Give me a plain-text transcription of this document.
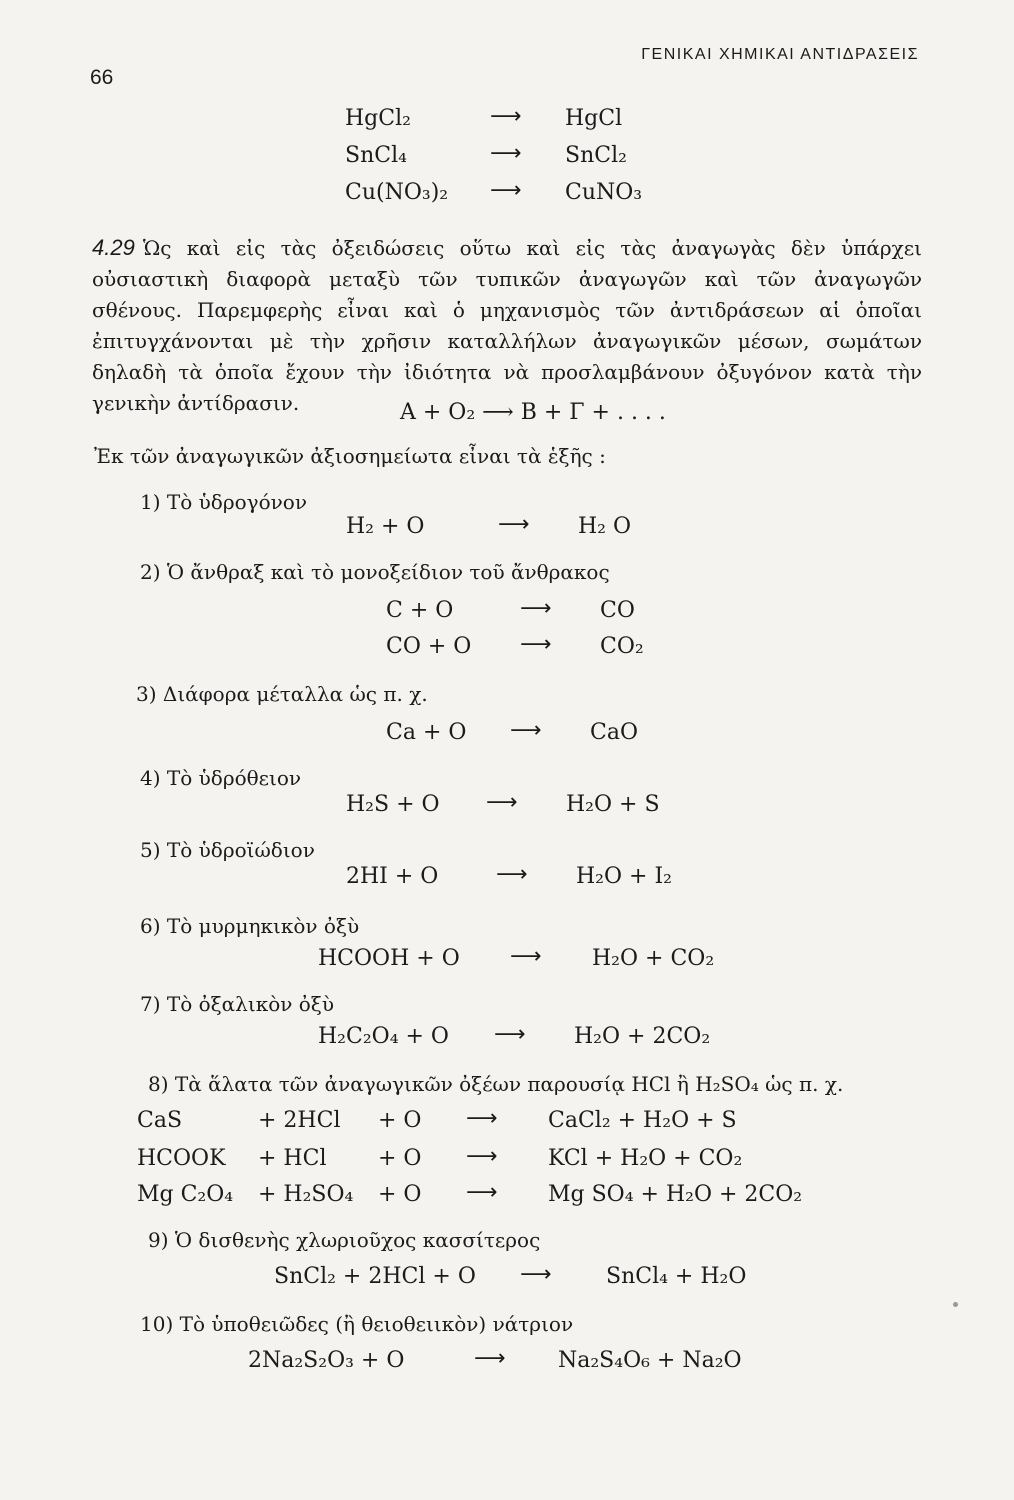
66
ΓΕΝΙΚΑΙ ΧΗΜΙΚΑΙ ΑΝΤΙΔΡΑΣΕΙΣ
HgCl₂	⟶ HgCl
SnCl₄	⟶ SnCl₂
Cu(NO₃)₂ ⟶ CuNO₃
4.29 Ὡς καὶ εἰς τὰς ὀξειδώσεις οὕτω καὶ εἰς τὰς ἀναγωγὰς δὲν ὑπάρχει οὐσιαστικὴ διαφορὰ μεταξὺ τῶν τυπικῶν ἀναγωγῶν καὶ τῶν ἀναγωγῶν σθένους. Παρεμφερὴς εἶναι καὶ ὁ μηχανισμὸς τῶν ἀντιδράσεων αἱ ὁποῖαι ἐπιτυγχάνονται μὲ τὴν χρῆσιν καταλλήλων ἀναγωγικῶν μέσων, σωμάτων δηλαδὴ τὰ ὁποῖα ἔχουν τὴν ἰδιότητα νὰ προσλαμβάνουν ὀξυγόνον κατὰ τὴν γενικὴν ἀντίδρασιν.	A + O₂ ⟶ B + Γ + . . . .
Ἐκ τῶν ἀναγωγικῶν ἀξιοσημείωτα εἶναι τὰ ἑξῆς :
1) Τὸ ὑδρογόνον
H₂ + O	⟶ H₂ O
2) Ὁ ἄνθραξ καὶ τὸ μονοξείδιον τοῦ ἄνθρακος
C + O	⟶ CO
CO + O ⟶ CO₂
3) Διάφορα μέταλλα ὡς π. χ.
Ca + O ⟶ CaO
4) Τὸ ὑδρόθειον
H₂S + O ⟶ H₂O + S
5) Τὸ ὑδροϊώδιον
2HI + O	⟶ H₂O + I₂
6) Τὸ μυρμηκικὸν ὀξὺ
HCOOH + O ⟶ H₂O + CO₂
7) Τὸ ὀξαλικὸν ὀξὺ
H₂C₂O₄ + O ⟶ H₂O + 2CO₂
8) Τὰ ἅλατα τῶν ἀναγωγικῶν ὀξέων παρουσίᾳ HCl ἢ H₂SO₄ ὡς π. χ.
CaS	+ 2HCl + O ⟶ CaCl₂ + H₂O + S
HCOOK + HCl + O ⟶ KCl + H₂O + CO₂
Mg C₂O₄ + H₂SO₄ + O ⟶ Mg SO₄ + H₂O + 2CO₂
9) Ὁ δισθενὴς χλωριοῦχος κασσίτερος
SnCl₂ + 2HCl + O ⟶ SnCl₄ + H₂O
10) Τὸ ὑποθειῶδες (ἢ θειοθειικὸν) νάτριον
2Na₂S₂O₃ + O	⟶ Na₂S₄O₆ + Na₂O
